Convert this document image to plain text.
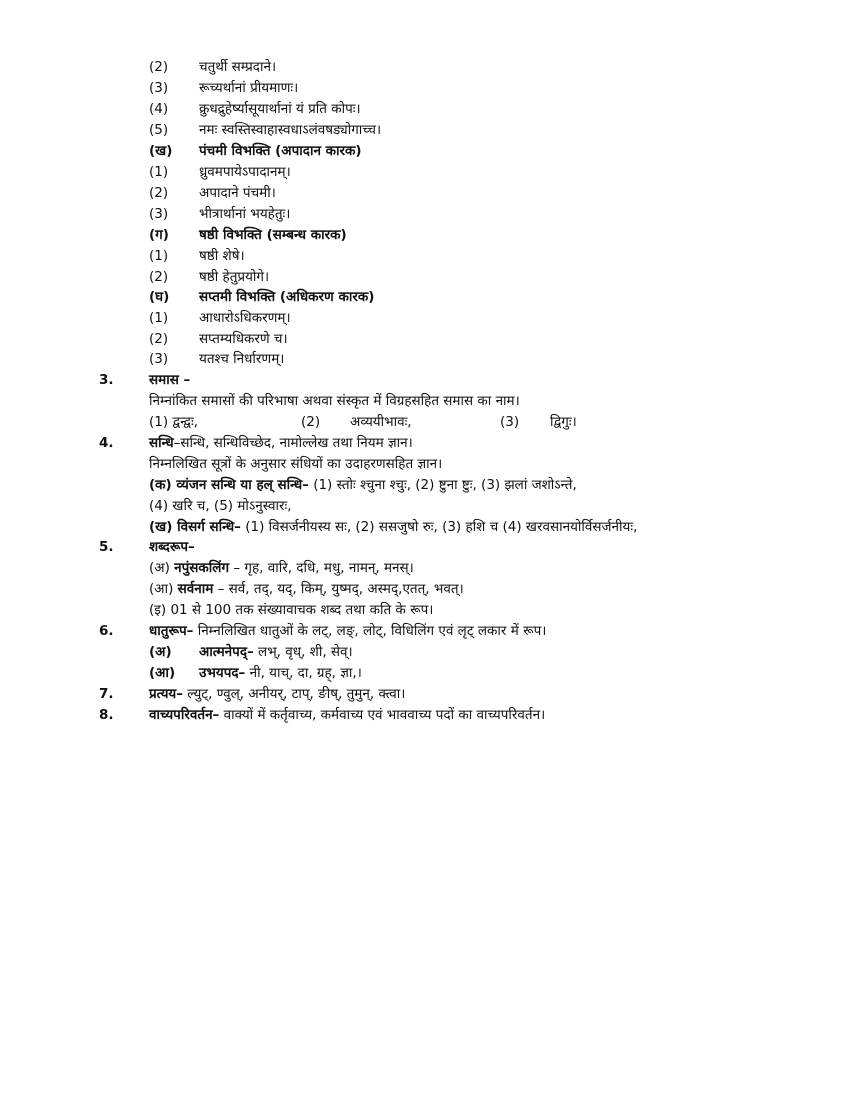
(2) चतुर्थी सम्प्रदाने।
(3) रूच्यर्थानां प्रीयमाणः।
(4) क्रुधद्रुहेर्ष्यासूयार्थानां यं प्रति कोपः।
(5) नमः स्वस्तिस्वाहास्वधाऽलंवषड्योगाच्च।
(ख) पंचमी विभक्ति (अपादान कारक)
(1) ध्रुवमपायेऽपादानम्।
(2) अपादाने पंचमी।
(3) भीत्रार्थानां भयहेतुः।
(ग) षष्ठी विभक्ति (सम्बन्ध कारक)
(1) षष्ठी शेषे।
(2) षष्ठी हेतुप्रयोगे।
(घ) सप्तमी विभक्ति (अधिकरण कारक)
(1) आधारोऽधिकरणम्।
(2) सप्तम्यधिकरणे च।
(3) यतश्च निर्धारणम्।
3.	समास –
निम्नांकित समासों की परिभाषा अथवा संस्कृत में विग्रहसहित समास का नाम।
(1) द्वन्द्वः,	(2) अव्ययीभावः,	(3) द्विगुः।
4.	सन्धि–सन्धि, सन्धिविच्छेद, नामोल्लेख तथा नियम ज्ञान।
निम्नलिखित सूत्रों के अनुसार संधियों का उदाहरणसहित ज्ञान।
(क) व्यंजन सन्धि या हल् सन्धि– (1) स्तोः श्चुना श्चुः, (2) ष्टुना ष्टुः, (3) झलां जशोऽन्ते,
(4) खरि च, (5) मोऽनुस्वारः,
(ख) विसर्ग सन्धि– (1) विसर्जनीयस्य सः, (2) ससजुषो रुः, (3) हशि च (4) खरवसानयोर्विसर्जनीयः,
5.	शब्दरूप–
(अ) नपुंसकलिंग – गृह, वारि, दधि, मधु, नामन्, मनस्।
(आ) सर्वनाम – सर्व, तद्, यद्, किम्, युष्मद्, अस्मद्,एतत्, भवत्।
(इ) 01 से 100 तक संख्यावाचक शब्द तथा कति के रूप।
6.	धातुरूप– निम्नलिखित धातुओं के लट्, लङ्, लोट्, विधिलिंग एवं लृट् लकार में रूप।
(अ) आत्मनेपद्– लभ्, वृध्, शी, सेव्।
(आ) उभयपद– नी, याच्, दा, ग्रह्, ज्ञा,।
7.	प्रत्यय– ल्युट्, ण्वुल्, अनीयर्, टाप्, ङीष्, तुमुन्, क्त्वा।
8.	वाच्यपरिवर्तन– वाक्यों में कर्तृवाच्य, कर्मवाच्य एवं भाववाच्य पदों का वाच्यपरिवर्तन।
